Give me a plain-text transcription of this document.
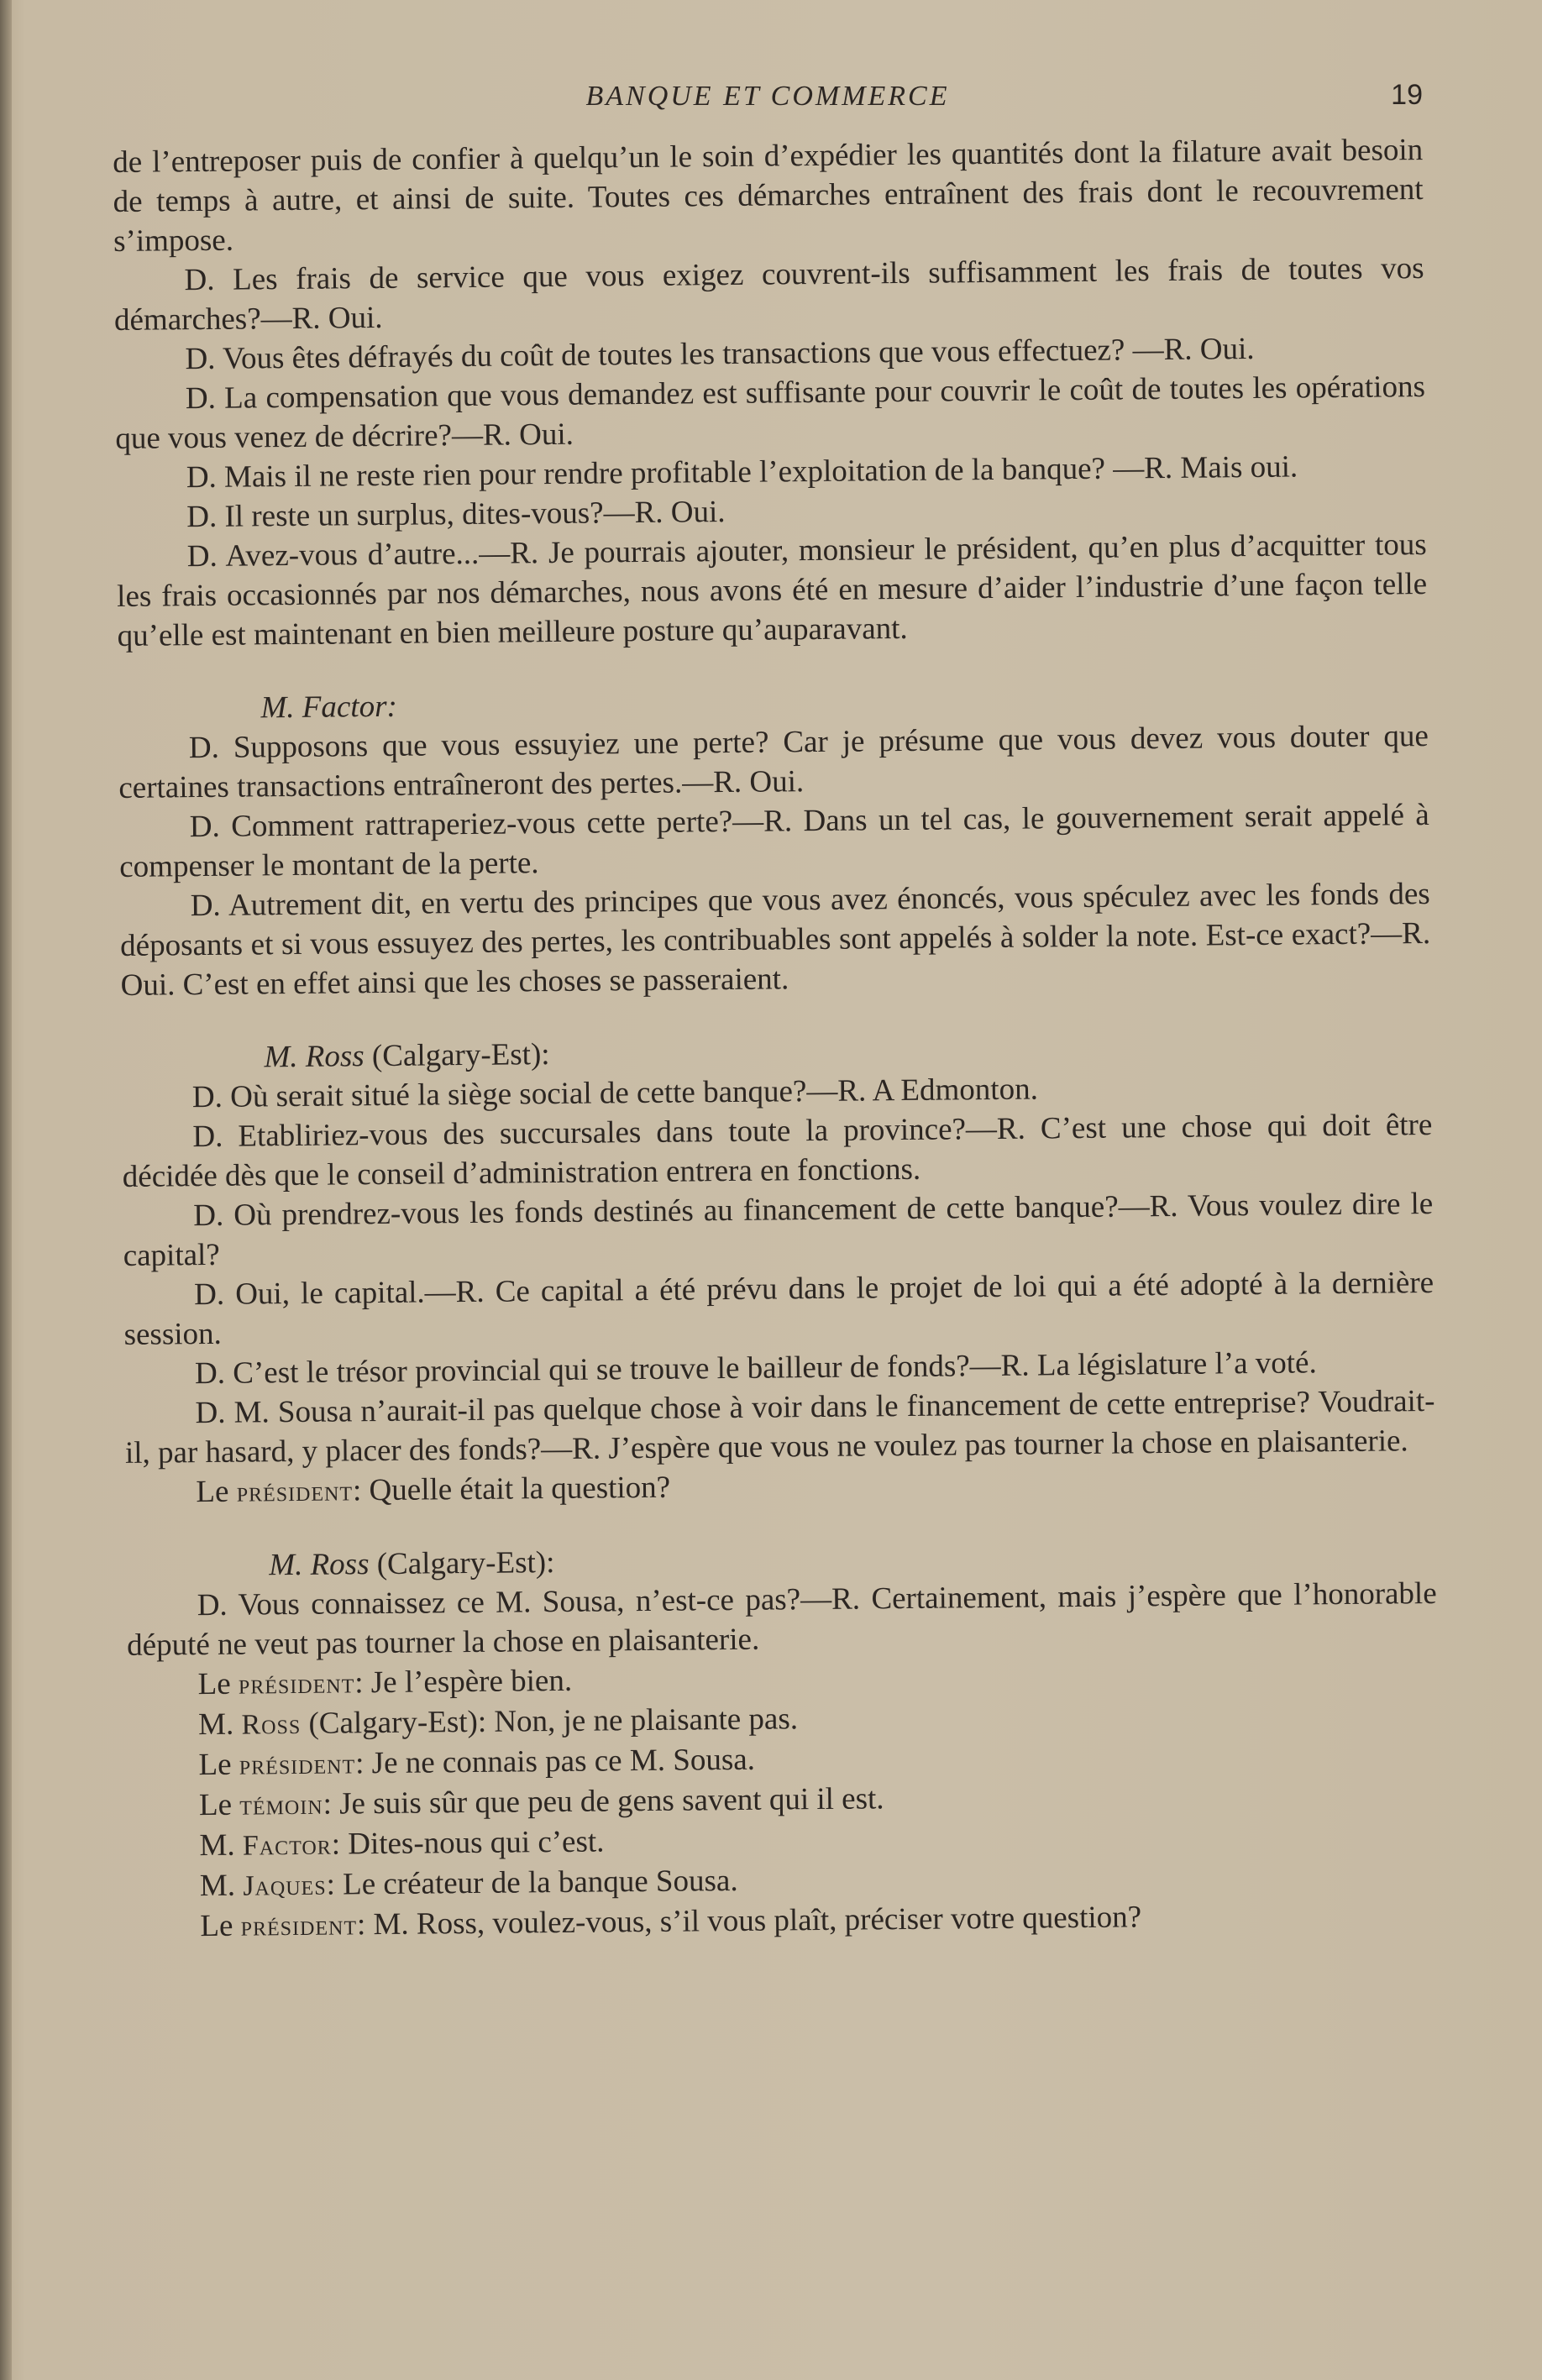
BANQUE ET COMMERCE	19

de l’entreposer puis de confier à quelqu’un le soin d’expédier les quantités dont la filature avait besoin de temps à autre, et ainsi de suite. Toutes ces démarches entraînent des frais dont le recouvrement s’impose.

D. Les frais de service que vous exigez couvrent-ils suffisamment les frais de toutes vos démarches?—R. Oui.

D. Vous êtes défrayés du coût de toutes les transactions que vous effectuez? —R. Oui.

D. La compensation que vous demandez est suffisante pour couvrir le coût de toutes les opérations que vous venez de décrire?—R. Oui.

D. Mais il ne reste rien pour rendre profitable l’exploitation de la banque? —R. Mais oui.

D. Il reste un surplus, dites-vous?—R. Oui.

D. Avez-vous d’autre...—R. Je pourrais ajouter, monsieur le président, qu’en plus d’acquitter tous les frais occasionnés par nos démarches, nous avons été en mesure d’aider l’industrie d’une façon telle qu’elle est maintenant en bien meilleure posture qu’auparavant.

M. Factor:

D. Supposons que vous essuyiez une perte? Car je présume que vous devez vous douter que certaines transactions entraîneront des pertes.—R. Oui.

D. Comment rattraperiez-vous cette perte?—R. Dans un tel cas, le gouvernement serait appelé à compenser le montant de la perte.

D. Autrement dit, en vertu des principes que vous avez énoncés, vous spéculez avec les fonds des déposants et si vous essuyez des pertes, les contribuables sont appelés à solder la note. Est-ce exact?—R. Oui. C’est en effet ainsi que les choses se passeraient.

M. Ross (Calgary-Est):

D. Où serait situé la siège social de cette banque?—R. A Edmonton.

D. Etabliriez-vous des succursales dans toute la province?—R. C’est une chose qui doit être décidée dès que le conseil d’administration entrera en fonctions.

D. Où prendrez-vous les fonds destinés au financement de cette banque?—R. Vous voulez dire le capital?

D. Oui, le capital.—R. Ce capital a été prévu dans le projet de loi qui a été adopté à la dernière session.

D. C’est le trésor provincial qui se trouve le bailleur de fonds?—R. La législature l’a voté.

D. M. Sousa n’aurait-il pas quelque chose à voir dans le financement de cette entreprise? Voudrait-il, par hasard, y placer des fonds?—R. J’espère que vous ne voulez pas tourner la chose en plaisanterie.

Le président: Quelle était la question?

M. Ross (Calgary-Est):

D. Vous connaissez ce M. Sousa, n’est-ce pas?—R. Certainement, mais j’espère que l’honorable député ne veut pas tourner la chose en plaisanterie.

Le président: Je l’espère bien.

M. Ross (Calgary-Est): Non, je ne plaisante pas.

Le président: Je ne connais pas ce M. Sousa.

Le témoin: Je suis sûr que peu de gens savent qui il est.

M. Factor: Dites-nous qui c’est.

M. Jaques: Le créateur de la banque Sousa.

Le président: M. Ross, voulez-vous, s’il vous plaît, préciser votre question?
